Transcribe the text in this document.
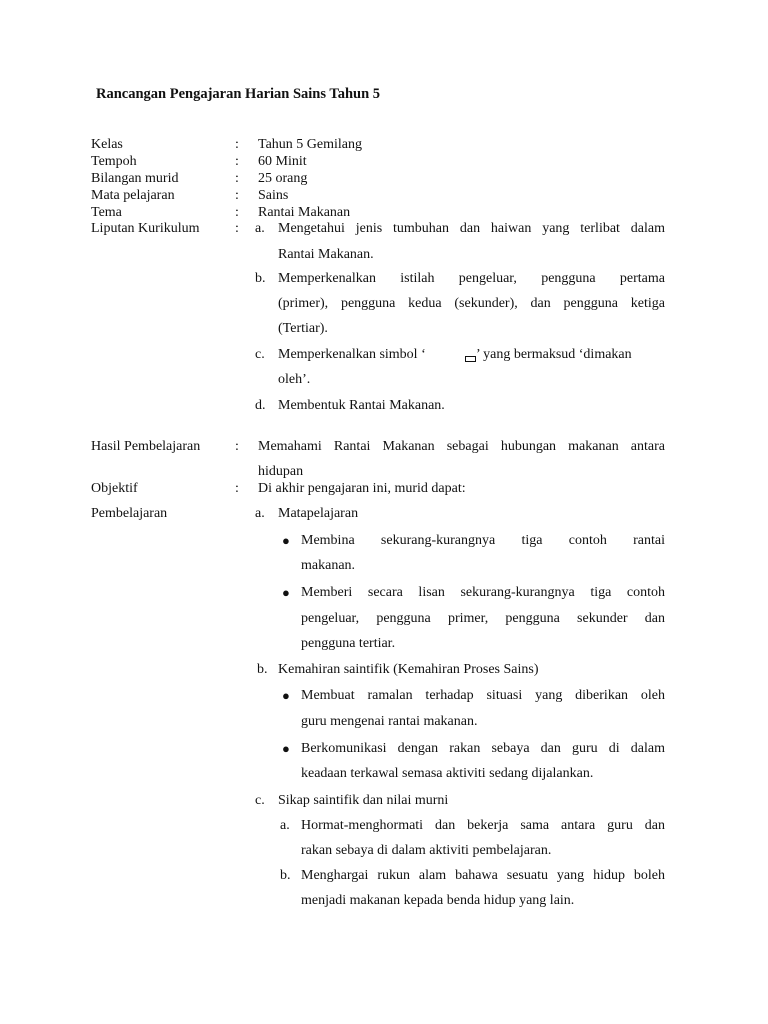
Rancangan Pengajaran Harian Sains Tahun 5
Kelas	: Tahun 5 Gemilang
Tempoh	: 60 Minit
Bilangan murid	: 25 orang
Mata pelajaran	: Sains
Tema	: Rantai Makanan
Liputan Kurikulum	: a. Mengetahui jenis tumbuhan dan haiwan yang terlibat dalam
Rantai Makanan.
b. Memperkenalkan istilah pengeluar, pengguna pertama
(primer), pengguna kedua (sekunder), dan pengguna ketiga
(Tertiar).
c. Memperkenalkan simbol ‘	’ yang bermaksud ‘dimakan
oleh’.
d. Membentuk Rantai Makanan.
Hasil Pembelajaran : Memahami Rantai Makanan sebagai hubungan makanan antara
hidupan
Objektif	: Di akhir pengajaran ini, murid dapat:
Pembelajaran	a. Matapelajaran
● Membina sekurang-kurangnya tiga contoh rantai
makanan.
● Memberi secara lisan sekurang-kurangnya tiga contoh
pengeluar, pengguna primer, pengguna sekunder dan
pengguna tertiar.
b. Kemahiran saintifik (Kemahiran Proses Sains)
● Membuat ramalan terhadap situasi yang diberikan oleh
guru mengenai rantai makanan.
● Berkomunikasi dengan rakan sebaya dan guru di dalam
keadaan terkawal semasa aktiviti sedang dijalankan.
c. Sikap saintifik dan nilai murni
a. Hormat-menghormati dan bekerja sama antara guru dan
rakan sebaya di dalam aktiviti pembelajaran.
b. Menghargai rukun alam bahawa sesuatu yang hidup boleh
menjadi makanan kepada benda hidup yang lain.
